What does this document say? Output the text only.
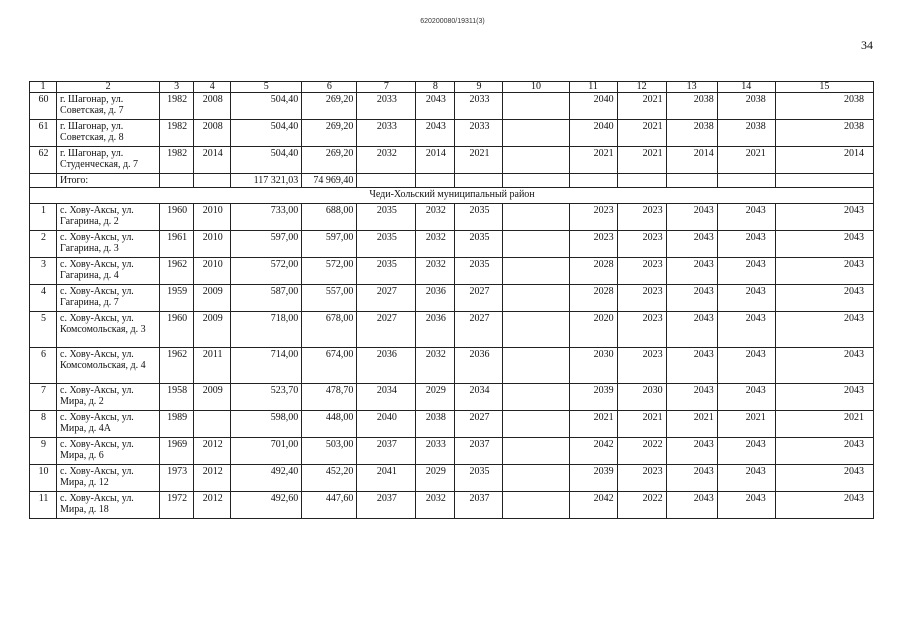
620200080/19311(3)
34
1	2	3	4	5	6	7	8	9	10	11	12	13	14	15
60	г. Шагонар, ул. Советская, д. 7	1982	2008	504,40	269,20	2033	2043	2033		2040	2021	2038	2038	2038
61	г. Шагонар, ул. Советская, д. 8	1982	2008	504,40	269,20	2033	2043	2033		2040	2021	2038	2038	2038
62	г. Шагонар, ул. Студенческая, д. 7	1982	2014	504,40	269,20	2032	2014	2021		2021	2021	2014	2021	2014
	Итого:			117 321,03	74 969,40									
Чеди-Хольский муниципальный район														
1	с. Хову-Аксы, ул. Гагарина, д. 2	1960	2010	733,00	688,00	2035	2032	2035		2023	2023	2043	2043	2043
2	с. Хову-Аксы, ул. Гагарина, д. 3	1961	2010	597,00	597,00	2035	2032	2035		2023	2023	2043	2043	2043
3	с. Хову-Аксы, ул. Гагарина, д. 4	1962	2010	572,00	572,00	2035	2032	2035		2028	2023	2043	2043	2043
4	с. Хову-Аксы, ул. Гагарина, д. 7	1959	2009	587,00	557,00	2027	2036	2027		2028	2023	2043	2043	2043
5	с. Хову-Аксы, ул. Комсомольская, д. 3	1960	2009	718,00	678,00	2027	2036	2027		2020	2023	2043	2043	2043
6	с. Хову-Аксы, ул. Комсомольская, д. 4	1962	2011	714,00	674,00	2036	2032	2036		2030	2023	2043	2043	2043
7	с. Хову-Аксы, ул. Мира, д. 2	1958	2009	523,70	478,70	2034	2029	2034		2039	2030	2043	2043	2043
8	с. Хову-Аксы, ул. Мира, д. 4А	1989		598,00	448,00	2040	2038	2027		2021	2021	2021	2021	2021
9	с. Хову-Аксы, ул. Мира, д. 6	1969	2012	701,00	503,00	2037	2033	2037		2042	2022	2043	2043	2043
10	с. Хову-Аксы, ул. Мира, д. 12	1973	2012	492,40	452,20	2041	2029	2035		2039	2023	2043	2043	2043
11	с. Хову-Аксы, ул. Мира, д. 18	1972	2012	492,60	447,60	2037	2032	2037		2042	2022	2043	2043	2043
